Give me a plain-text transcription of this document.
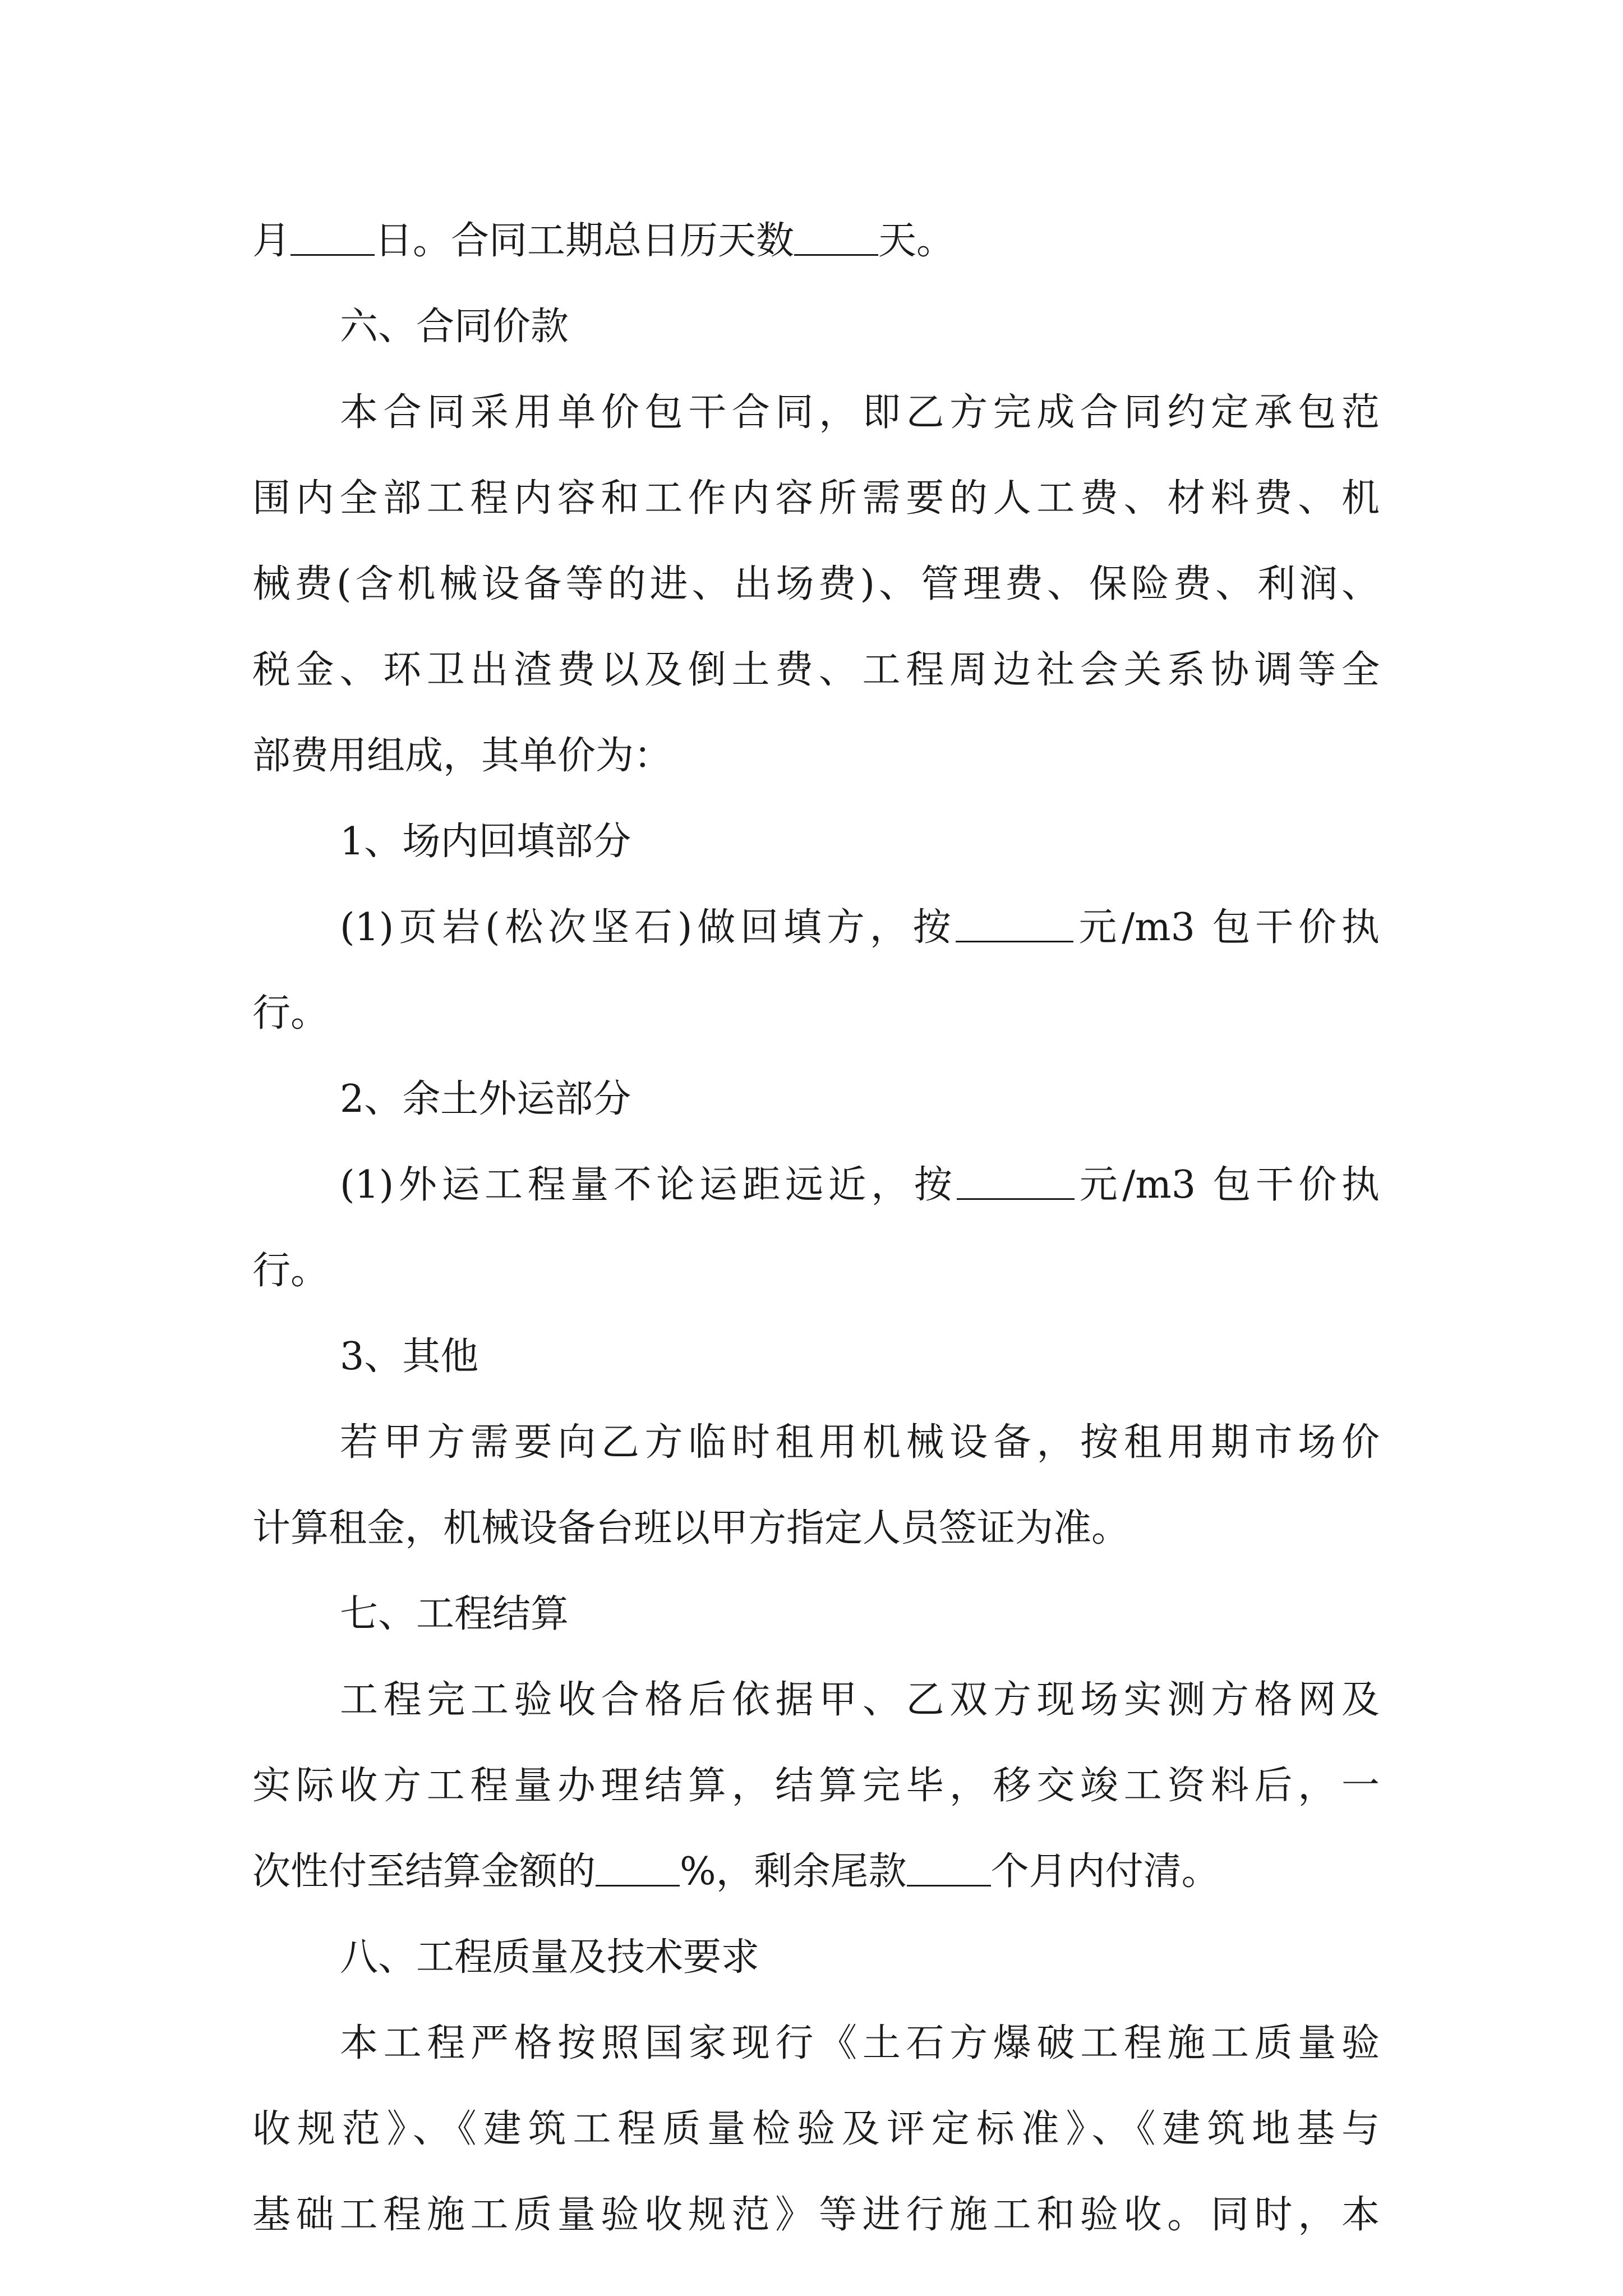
月 日。合同工期总日历天数 天。
六、合同价款
本合同采用单价包干合同，即乙方完成合同约定承包范
围内全部工程内容和工作内容所需要的人工费、材料费、机
械费(含机械设备等的进、出场费)、管理费、保险费、利润、
税金、环卫出渣费以及倒土费、工程周边社会关系协调等全
部费用组成，其单价为：
1、场内回填部分
(1)页岩(松次坚石)做回填方，按	元/m3 包干价执
行。
2、余土外运部分
(1)外运工程量不论运距远近，按	元/m3 包干价执
行。
3、其他
若甲方需要向乙方临时租用机械设备，按租用期市场价
计算租金，机械设备台班以甲方指定人员签证为准。
七、工程结算
工程完工验收合格后依据甲、乙双方现场实测方格网及
实际收方工程量办理结算，结算完毕，移交竣工资料后，一
次性付至结算金额的 %，剩余尾款 个月内付清。
八、工程质量及技术要求
本工程严格按照国家现行《土石方爆破工程施工质量验
收规范》、《建筑工程质量检验及评定标准》、《建筑地基与
基础工程施工质量验收规范》等进行施工和验收。同时，本
